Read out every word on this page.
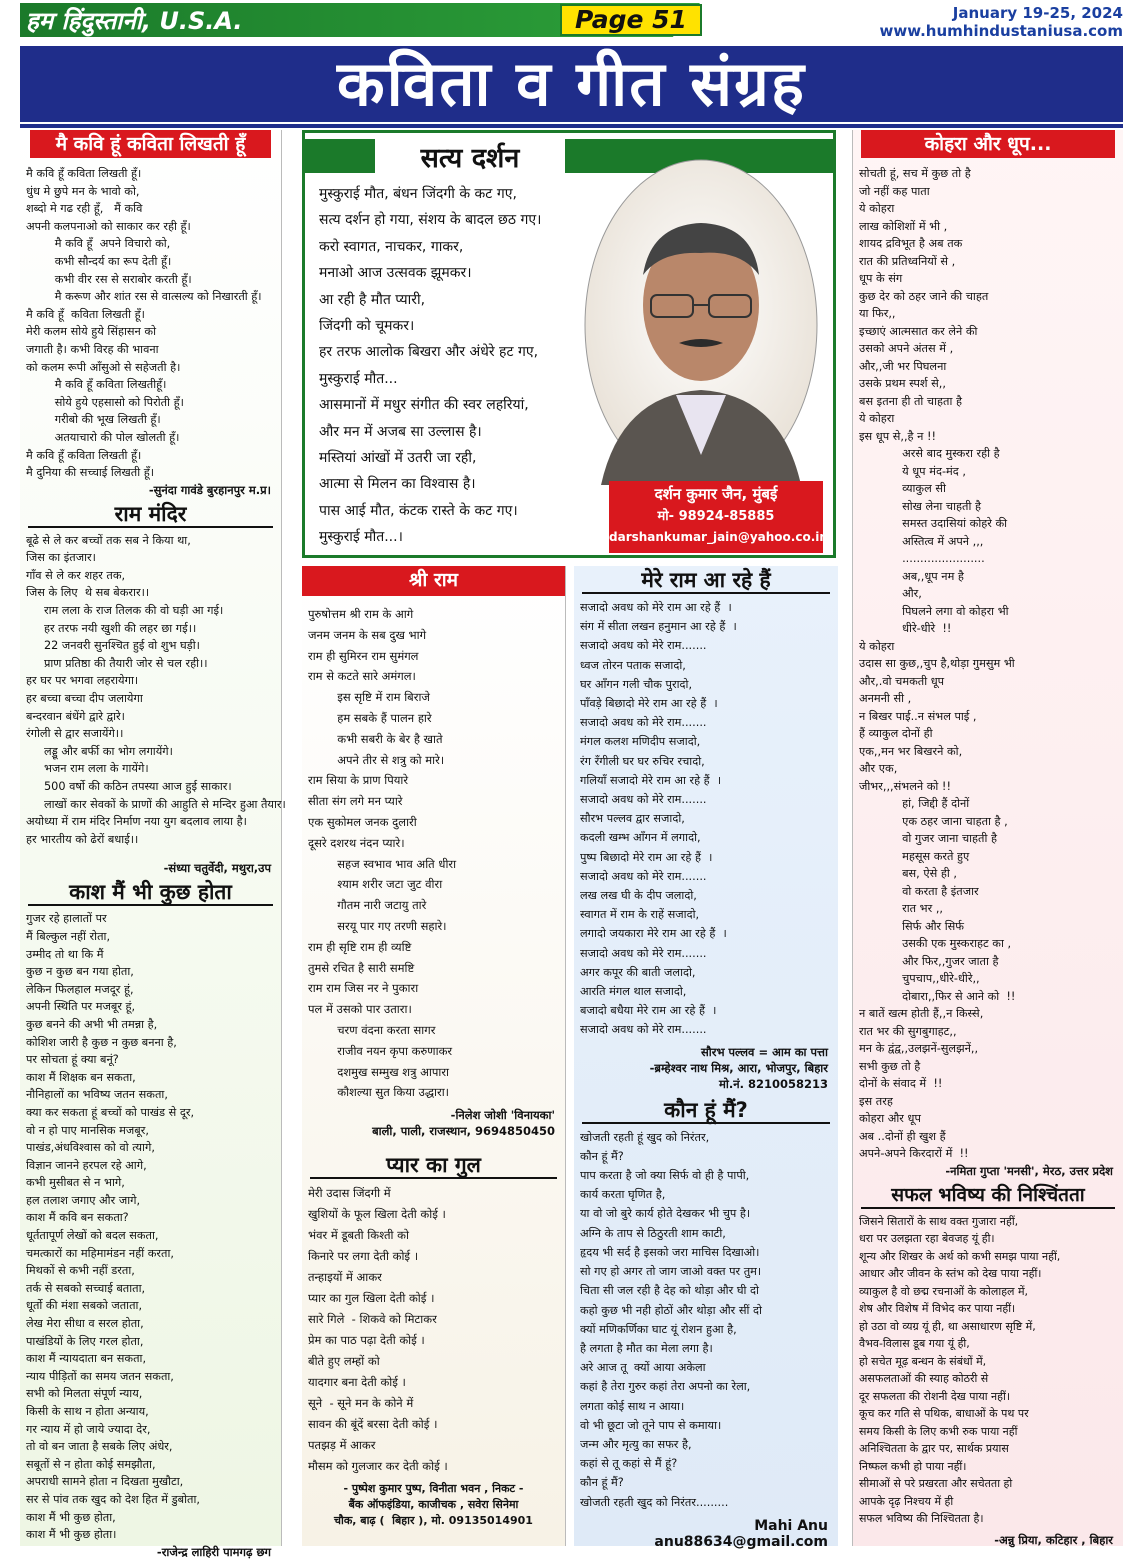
हम हिंदुस्तानी, U.S.A.	Page 51	January 19-25, 2024
www.humhindustaniusa.com
कविता व गीत संग्रह
मै कवि हूं कविता लिखती हूँ
मै कवि हूँ कविता लिखती हूँ।
धुंध मे छुपे मन के भावो को,
शब्दो मे गढ रही हूँ,   मैं कवि
अपनी कलपनाओ को साकार कर रही हूँ।
मै कवि हूँ  अपने विचारो को,
कभी सौन्दर्य का रूप देती हूँ।
कभी वीर रस से सराबोर करती हूँ।
मै करूण और शांत रस से वात्सल्य को निखारती हूँ।
मै कवि हूँ  कविता लिखती हूँ।
मेरी कलम सोये हुये सिंहासन को
जगाती है। कभी विरह की भावना
को कलम रूपी आँसुओ से सहेजती है।
मै कवि हूँ कविता लिखतीहूँ।
सोये हुये एहसासो को पिरोती हूँ।
गरीबो की भूख लिखती हूँ।
अतयाचारो की पोल खोलती हूँ।
मै कवि हूँ कविता लिखती हूँ।
मै दुनिया की सच्चाई लिखती हूँ।
-सुनंदा गावंडे बुरहानपुर म.प्र।
राम मंदिर
बूढे से ले कर बच्चों तक सब ने किया था,
जिस का इंतजार।
गाँव से ले कर शहर तक,
जिस के लिए  थे सब बेकरार।।
राम लला के राज तिलक की वो घड़ी आ गई।
हर तरफ नयी खुशी की लहर छा गई।।
22 जनवरी सुनश्चित हुई वो शुभ घड़ी।
प्राण प्रतिष्ठा की तैयारी जोर से चल रही।।
हर घर पर भगवा लहरायेगा।
हर बच्चा बच्चा दीप जलायेगा
बन्दरवान बंधेंगे द्वारे द्वारे।
रंगोली से द्वार सजायेंगे।।
लड्डू और बर्फी का भोग लगायेंगे।
भजन राम लला के गायेंगे।
500 वर्षो की कठिन तपस्या आज हुई साकार।
लाखों कार सेवकों के प्राणों की आहुति से मन्दिर हुआ तैयार।
अयोध्या में राम मंदिर निर्माण नया युग बदलाव लाया है।
हर भारतीय को ढेरों बधाई।।
-संध्या चतुर्वेदी, मथुरा,उप
काश मैं भी कुछ होता
गुजर रहे हालातों पर
मैं बिल्कुल नहीं रोता,
उम्मीद तो था कि मैं
कुछ न कुछ बन गया होता,
लेकिन फिलहाल मजदूर हूं,
अपनी स्थिति पर मजबूर हूं,
कुछ बनने की अभी भी तमन्ना है,
कोशिश जारी है कुछ न कुछ बनना है,
पर सोचता हूं क्या बनूं?
काश मैं शिक्षक बन सकता,
नौनिहालों का भविष्य जतन सकता,
क्या कर सकता हूं बच्चों को पाखंड से दूर,
वो न हो पाए मानसिक मजबूर,
पाखंड,अंधविश्वास को वो त्यागे,
विज्ञान जानने हरपल रहे आगे,
कभी मुसीबत से न भागे,
हल तलाश जगाए और जागे,
काश मैं कवि बन सकता?
धूर्ततापूर्ण लेखों को बदल सकता,
चमत्कारों का महिमामंडन नहीं करता,
मिथकों से कभी नहीं डरता,
तर्क से सबको सच्चाई बताता,
धूर्तो की मंशा सबको जताता,
लेख मेरा सीधा व सरल होता,
पाखंडियों के लिए गरल होता,
काश मैं न्यायदाता बन सकता,
न्याय पीड़ितों का समय जतन सकता,
सभी को मिलता संपूर्ण न्याय,
किसी के साथ न होता अन्याय,
गर न्याय में हो जाये ज्यादा देर,
तो वो बन जाता है सबके लिए अंधेर,
सबूतों से न होता कोई समझौता,
अपराधी सामने होता न दिखता मुखौटा,
सर से पांव तक खुद को देश हित में डुबोता,
काश मैं भी कुछ होता,
काश मैं भी कुछ होता।
-राजेन्द्र लाहिरी पामगढ़ छग
सत्य दर्शन
मुस्कुराई मौत, बंधन जिंदगी के कट गए,
सत्य दर्शन हो गया, संशय के बादल छठ गए।
करो स्वागत, नाचकर, गाकर,
मनाओ आज उत्सवक झूमकर।
आ रही है मौत प्यारी,
जिंदगी को चूमकर।
हर तरफ आलोक बिखरा और अंधेरे हट गए,
मुस्कुराई मौत...
आसमानों में मधुर संगीत की स्वर लहरियां,
और मन में अजब सा उल्लास है।
मस्तियां आंखों में उतरी जा रही,
आत्मा से मिलन का विश्वास है।
पास आई मौत, कंटक रास्ते के कट गए।
मुस्कुराई मौत...।
दर्शन कुमार जैन, मुंबई
मो- 98924-85885
darshankumar_jain@yahoo.co.in
श्री राम
पुरुषोत्तम श्री राम के आगे
जनम जनम के सब दुख भागे
राम ही सुमिरन राम सुमंगल
राम से कटते सारे अमंगल।
इस सृष्टि में राम बिराजे
हम सबके हैं पालन हारे
कभी सबरी के बेर है खाते
अपने तीर से शत्रु को मारे।
राम सिया के प्राण पियारे
सीता संग लगे मन प्यारे
एक सुकोमल जनक दुलारी
दूसरे दशरथ नंदन प्यारे।
सहज स्वभाव भाव अति धीरा
श्याम शरीर जटा जुट वीरा
गौतम नारी जटायु तारे
सरयू पार गए तरणी सहारे।
राम ही सृष्टि राम ही व्यष्टि
तुमसे रचित है सारी समष्टि
राम राम जिस नर ने पुकारा
पल में उसको पार उतारा।
चरण वंदना करता सागर
राजीव नयन कृपा करुणाकर
दशमुख सम्मुख शत्रु आपारा
कौशल्या सुत किया उद्धारा।
-निलेश जोशी 'विनायका'
बाली, पाली, राजस्थान, 9694850450
प्यार का गुल
मेरी उदास जिंदगी में
खुशियों के फूल खिला देती कोई ।
भंवर में डूबती किश्ती को
किनारे पर लगा देती कोई ।
तन्हाइयों में आकर
प्यार का गुल खिला देती कोई ।
सारे गिले  - शिकवे को मिटाकर
प्रेम का पाठ पढ़ा देती कोई ।
बीते हुए लम्हों को
यादगार बना देती कोई ।
सूने  - सूने मन के कोने में
सावन की बूंदें बरसा देती कोई ।
पतझड़ में आकर
मौसम को गुलजार कर देती कोई ।
- पुष्पेश कुमार पुष्प, विनीता भवन , निकट -
बैंक ऑफइंडिया, काजीचक , सवेरा सिनेमा
चौक, बाढ़ (  बिहार ), मो. 09135014901
मेरे राम आ रहे हैं
सजादो अवध को मेरे राम आ रहे हैं  ।
संग में सीता लखन हनुमान आ रहे हैं  ।
सजादो अवध को मेरे राम.......
ध्वज तोरन पताक सजादो,
घर आँगन गली चौक पुरादो,
पाँवड़े बिछादो मेरे राम आ रहे हैं  ।
सजादो अवध को मेरे राम.......
मंगल कलश मणिदीप सजादो,
रंग रँगीली घर घर रुचिर रचादो,
गलियाँ सजादो मेरे राम आ रहे हैं  ।
सजादो अवध को मेरे राम.......
सौरभ पल्लव द्वार सजादो,
कदली खम्भ आँगन में लगादो,
पुष्प बिछादो मेरे राम आ रहे हैं  ।
सजादो अवध को मेरे राम.......
लख लख घी के दीप जलादो,
स्वागत में राम के राहें सजादो,
लगादो जयकारा मेरे राम आ रहे हैं  ।
सजादो अवध को मेरे राम.......
अगर कपूर की बाती जलादो,
आरति मंगल थाल सजादो,
बजादो बधैया मेरे राम आ रहे हैं  ।
सजादो अवध को मेरे राम.......
सौरभ पल्लव = आम का पत्ता
-ब्रम्हेश्वर नाथ मिश्र, आरा, भोजपुर, बिहार
मो.नं. 8210058213
कौन हूं मैं?
खोजती रहती हूं खुद को निरंतर,
कौन हूं मैं?
पाप करता है जो क्या सिर्फ वो ही है पापी,
कार्य करता घृणित है,
या वो जो बुरे कार्य होते देखकर भी चुप है।
अग्नि के ताप से ठिठुरती शाम काटी,
हृदय भी सर्द है इसको जरा माचिस दिखाओ।
सो गए हो अगर तो जाग जाओ वक्त पर तुम।
चिता सी जल रही है देह को थोड़ा और घी दो
कहो कुछ भी नही होठों और थोड़ा और सीं दो
क्यों मणिकर्णिका घाट यूं रोशन हुआ है,
है लगता है मौत का मेला लगा है।
अरे आज तू  क्यों आया अकेला
कहां है तेरा गुरुर कहां तेरा अपनो का रेला,
लगता कोई साथ न आया।
वो भी छूटा जो तूने पाप से कमाया।
जन्म और मृत्यु का सफर है,
कहां से तू कहां से मैं हूं?
कौन हूं मैं?
खोजती रहती खुद को निरंतर.........
Mahi Anu
anu88634@gmail.com
कोहरा और धूप...
सोचती हूं, सच में कुछ तो है
जो नहीं कह पाता
ये कोहरा
लाख कोशिशों में भी ,
शायद द्रविभूत है अब तक
रात की प्रतिध्वनियों से ,
धूप के संग
कुछ देर को ठहर जाने की चाहत
या फिर,,
इच्छाएं आत्मसात कर लेने की
उसको अपने अंतस में ,
और,,जी भर पिघलना
उसके प्रथम स्पर्श से,,
बस इतना ही तो चाहता है
ये कोहरा
इस धूप से,,है न !!
अरसे बाद मुस्करा रही है
ये धूप मंद-मंद ,
व्याकुल सी
सोख लेना चाहती है
समस्त उदासियां कोहरे की
अस्तित्व में अपने ,,,
.......................
अब,,धूप नम है
और,
पिघलने लगा वो कोहरा भी
धीरे-धीरे  !!
ये कोहरा
उदास सा कुछ,,चुप है,थोड़ा गुमसुम भी
और,.वो चमकती धूप
अनमनी सी ,
न बिखर पाई..न संभल पाई ,
हैं व्याकुल दोनों ही
एक,,मन भर बिखरने को,
और एक,
जीभर,,,संभलने को !!
हां, जिद्दी हैं दोनों
एक ठहर जाना चाहता है ,
वो गुजर जाना चाहती है
महसूस करते हुए
बस, ऐसे ही ,
वो करता है इंतजार
रात भर ,,
सिर्फ और सिर्फ
उसकी एक मुस्कराहट का ,
और फिर,,गुजर जाता है
चुपचाप,,धीरे-धीरे,,
दोबारा,,फिर से आने को  !!
न बातें खत्म होती हैं,,न किस्से,
रात भर की सुगबुगाहट,,
मन के द्वंद्व,,उलझनें-सुलझनें,,
सभी कुछ तो है
दोनों के संवाद में  !!
इस तरह
कोहरा और धूप
अब ..दोनों ही खुश हैं
अपने-अपने किरदारों में  !!
-नमिता गुप्ता 'मनसी', मेरठ, उत्तर प्रदेश
सफल भविष्य की निश्चिंतता
जिसने सितारों के साथ वक्त गुजारा नहीं,
धरा पर उलझता रहा बेवजह यूं ही।
शून्य और शिखर के अर्थ को कभी समझ पाया नहीं,
आधार और जीवन के स्तंभ को देख पाया नहीं।
व्याकुल है वो छद्म रचनाओं के कोलाहल में,
शेष और विशेष में विभेद कर पाया नहीं।
हो उठा वो व्यग्र यूं ही, था असाधारण सृष्टि में,
वैभव-विलास डूब गया यूं ही,
हो सचेत मूढ़ बन्धन के संबंधों में,
असफलताओं की स्याह कोठरी से
दूर सफलता की रोशनी देख पाया नहीं।
कूच कर गति से पथिक, बाधाओं के पथ पर
समय किसी के लिए कभी रुक पाया नहीं
अनिश्चितता के द्वार पर, सार्थक प्रयास
निष्फल कभी हो पाया नहीं।
सीमाओं से परे प्रखरता और सचेतता हो
आपके दृढ़ निश्चय में ही
सफल भविष्य की निश्चितता है।
-अन्नु प्रिया, कटिहार , बिहार
